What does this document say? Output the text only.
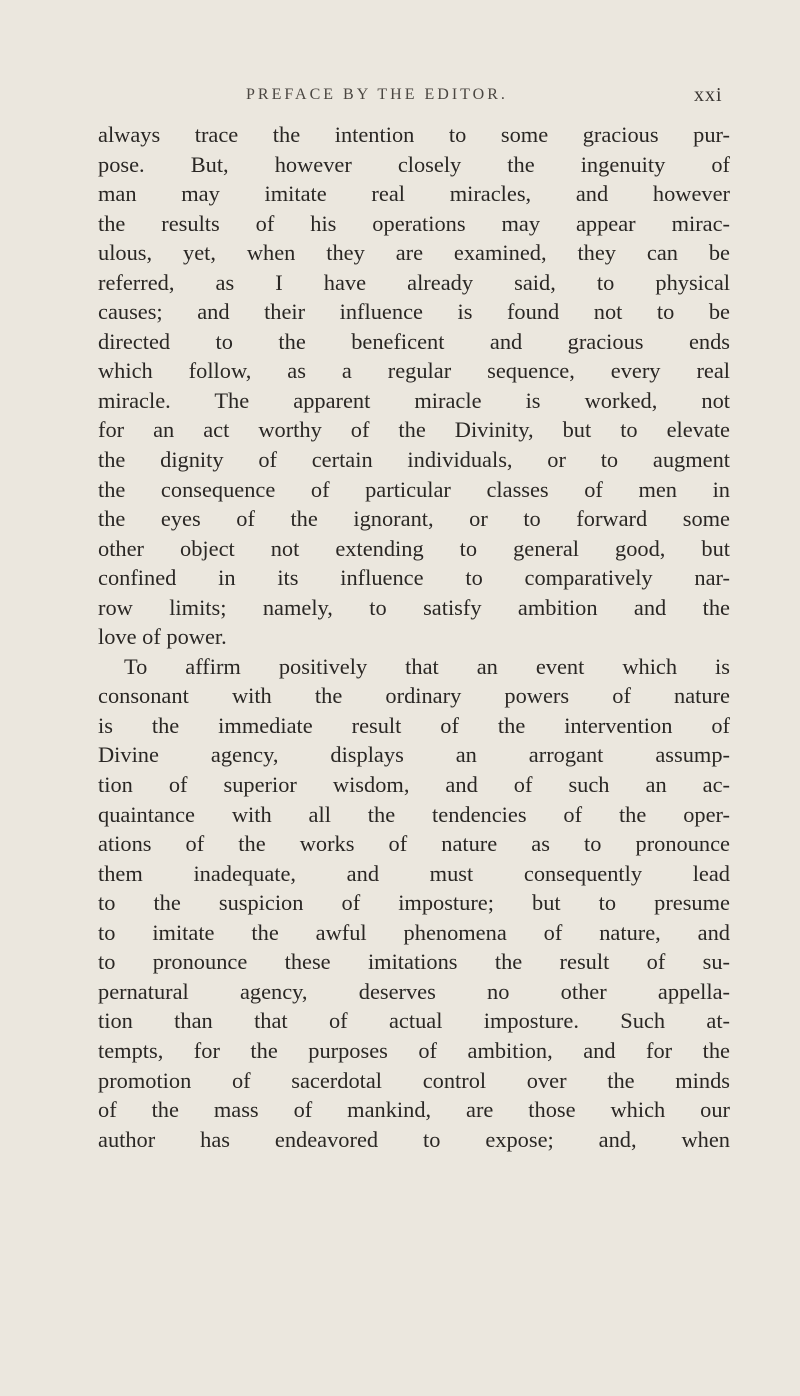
PREFACE BY THE EDITOR.	xxi
always trace the intention to some gracious pur-
pose. But, however closely the ingenuity of
man may imitate real miracles, and however
the results of his operations may appear mirac-
ulous, yet, when they are examined, they can be
referred, as I have already said, to physical
causes; and their influence is found not to be
directed to the beneficent and gracious ends
which follow, as a regular sequence, every real
miracle. The apparent miracle is worked, not
for an act worthy of the Divinity, but to elevate
the dignity of certain individuals, or to augment
the consequence of particular classes of men in
the eyes of the ignorant, or to forward some
other object not extending to general good, but
confined in its influence to comparatively nar-
row limits; namely, to satisfy ambition and the
love of power.
To affirm positively that an event which is
consonant with the ordinary powers of nature
is the immediate result of the intervention of
Divine agency, displays an arrogant assump-
tion of superior wisdom, and of such an ac-
quaintance with all the tendencies of the oper-
ations of the works of nature as to pronounce
them inadequate, and must consequently lead
to the suspicion of imposture; but to presume
to imitate the awful phenomena of nature, and
to pronounce these imitations the result of su-
pernatural agency, deserves no other appella-
tion than that of actual imposture. Such at-
tempts, for the purposes of ambition, and for the
promotion of sacerdotal control over the minds
of the mass of mankind, are those which our
author has endeavored to expose; and, when
